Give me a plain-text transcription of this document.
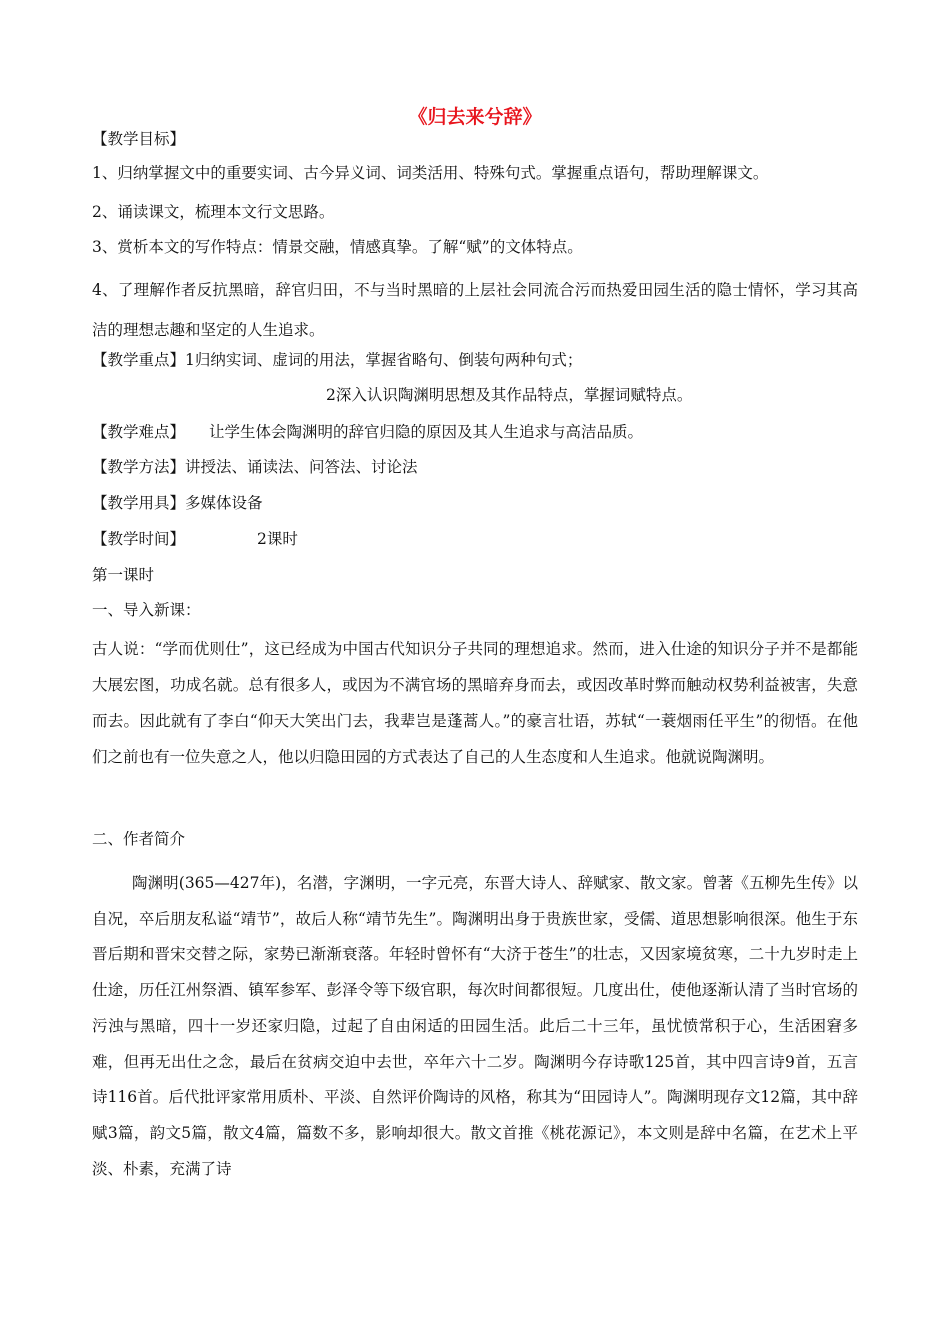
《归去来兮辞》
【教学目标】
1、归纳掌握文中的重要实词、古今异义词、词类活用、特殊句式。掌握重点语句，帮助理解课文。
2、诵读课文，梳理本文行文思路。
3、赏析本文的写作特点：情景交融，情感真挚。了解“赋”的文体特点。
4、了理解作者反抗黑暗，辞官归田，不与当时黑暗的上层社会同流合污而热爱田园生活的隐士情怀，学习其高洁的理想志趣和坚定的人生追求。
【教学重点】1归纳实词、虚词的用法，掌握省略句、倒装句两种句式；
2深入认识陶渊明思想及其作品特点，掌握词赋特点。
【教学难点】 让学生体会陶渊明的辞官归隐的原因及其人生追求与高洁品质。
【教学方法】讲授法、诵读法、问答法、讨论法
【教学用具】多媒体设备
【教学时间】	2课时
第一课时
一、导入新课：
古人说：“学而优则仕”，这已经成为中国古代知识分子共同的理想追求。然而，进入仕途的知识分子并不是都能大展宏图，功成名就。总有很多人，或因为不满官场的黑暗弃身而去，或因改革时弊而触动权势利益被害，失意而去。因此就有了李白“仰天大笑出门去，我辈岂是蓬蒿人。”的豪言壮语，苏轼“一蓑烟雨任平生”的彻悟。在他们之前也有一位失意之人，他以归隐田园的方式表达了自己的人生态度和人生追求。他就说陶渊明。
二、作者简介
陶渊明(365—427年)，名潜，字渊明，一字元亮，东晋大诗人、辞赋家、散文家。曾著《五柳先生传》以自况，卒后朋友私谥“靖节”，故后人称“靖节先生”。陶渊明出身于贵族世家，受儒、道思想影响很深。他生于东晋后期和晋宋交替之际，家势已渐渐衰落。年轻时曾怀有“大济于苍生”的壮志，又因家境贫寒，二十九岁时走上仕途，历任江州祭酒、镇军参军、彭泽令等下级官职，每次时间都很短。几度出仕，使他逐渐认清了当时官场的污浊与黑暗，四十一岁还家归隐，过起了自由闲适的田园生活。此后二十三年，虽忧愤常积于心，生活困窘多难，但再无出仕之念，最后在贫病交迫中去世，卒年六十二岁。陶渊明今存诗歌125首，其中四言诗9首，五言诗116首。后代批评家常用质朴、平淡、自然评价陶诗的风格，称其为“田园诗人”。陶渊明现存文12篇，其中辞赋3篇，韵文5篇，散文4篇，篇数不多，影响却很大。散文首推《桃花源记》，本文则是辞中名篇，在艺术上平淡、朴素，充满了诗
